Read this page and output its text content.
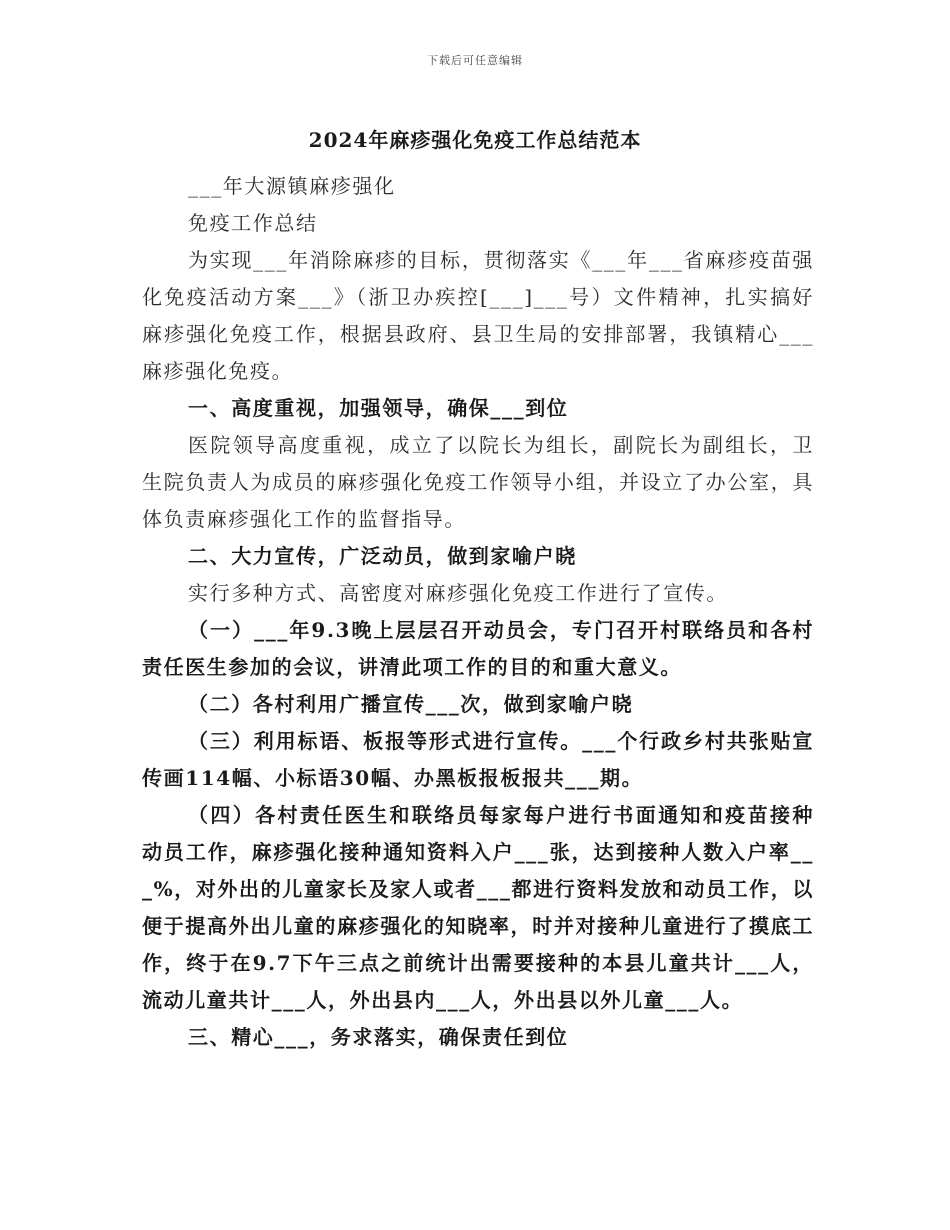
下载后可任意编辑
2024年麻疹强化免疫工作总结范本

___年大源镇麻疹强化

免疫工作总结

为实现___年消除麻疹的目标，贯彻落实《___年___省麻疹疫苗强化免疫活动方案___》（浙卫办疾控[___]___号）文件精神，扎实搞好麻疹强化免疫工作，根据县政府、县卫生局的安排部署，我镇精心___麻疹强化免疫。

一、高度重视，加强领导，确保___到位

医院领导高度重视，成立了以院长为组长，副院长为副组长，卫生院负责人为成员的麻疹强化免疫工作领导小组，并设立了办公室，具体负责麻疹强化工作的监督指导。

二、大力宣传，广泛动员，做到家喻户晓

实行多种方式、高密度对麻疹强化免疫工作进行了宣传。

（一）___年9.3晚上层层召开动员会，专门召开村联络员和各村责任医生参加的会议，讲清此项工作的目的和重大意义。

（二）各村利用广播宣传___次，做到家喻户晓

（三）利用标语、板报等形式进行宣传。___个行政乡村共张贴宣传画114幅、小标语30幅、办黑板报板报共___期。

（四）各村责任医生和联络员每家每户进行书面通知和疫苗接种动员工作，麻疹强化接种通知资料入户___张，达到接种人数入户率___%，对外出的儿童家长及家人或者___都进行资料发放和动员工作，以便于提高外出儿童的麻疹强化的知晓率，时并对接种儿童进行了摸底工作，终于在9.7下午三点之前统计出需要接种的本县儿童共计___人，流动儿童共计___人，外出县内___人，外出县以外儿童___人。

三、精心___，务求落实，确保责任到位
